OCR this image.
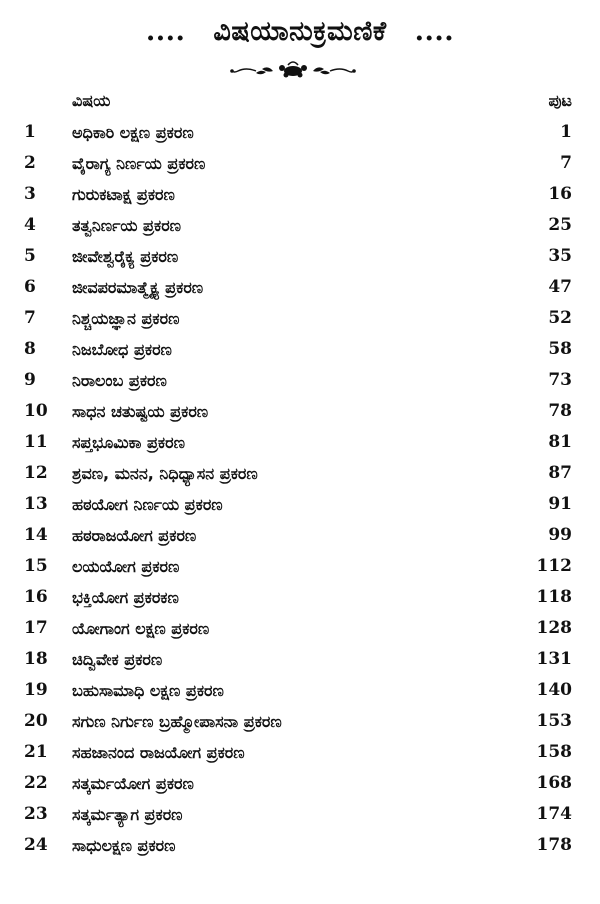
.... ವಿಷಯಾನುಕ್ರಮಣಿಕೆ ....
ವಿಷಯ	ಪುಟ
1	ಅಧಿಕಾರಿ ಲಕ್ಷಣ ಪ್ರಕರಣ	1
2	ವೈರಾಗ್ಯ ನಿರ್ಣಯ ಪ್ರಕರಣ	7
3	ಗುರುಕಟಾಕ್ಷ ಪ್ರಕರಣ	16
4	ತತ್ವನಿರ್ಣಯ ಪ್ರಕರಣ	25
5	ಜೀವೇಶ್ವರೈಕ್ಯ ಪ್ರಕರಣ	35
6	ಜೀವಪರಮಾತ್ಮೈಕ್ಯ ಪ್ರಕರಣ	47
7	ನಿಶ್ಚಯಜ್ಞಾನ ಪ್ರಕರಣ	52
8	ನಿಜಬೋಧ ಪ್ರಕರಣ	58
9	ನಿರಾಲಂಬ ಪ್ರಕರಣ	73
10	ಸಾಧನ ಚತುಷ್ಟಯ ಪ್ರಕರಣ	78
11	ಸಪ್ತಭೂಮಿಕಾ ಪ್ರಕರಣ	81
12	ಶ್ರವಣ, ಮನನ, ನಿಧಿಧ್ಯಾಸನ ಪ್ರಕರಣ	87
13	ಹಠಯೋಗ ನಿರ್ಣಯ ಪ್ರಕರಣ	91
14	ಹಠರಾಜಯೋಗ ಪ್ರಕರಣ	99
15	ಲಯಯೋಗ ಪ್ರಕರಣ	112
16	ಭಕ್ತಿಯೋಗ ಪ್ರಕರಕಣ	118
17	ಯೋಗಾಂಗ ಲಕ್ಷಣ ಪ್ರಕರಣ	128
18	ಚಿದ್ವಿವೇಕ ಪ್ರಕರಣ	131
19	ಬಹುಸಾಮಾಧಿ ಲಕ್ಷಣ ಪ್ರಕರಣ	140
20	ಸಗುಣ ನಿರ್ಗುಣ ಬ್ರಹ್ಮೋಪಾಸನಾ ಪ್ರಕರಣ	153
21	ಸಹಜಾನಂದ ರಾಜಯೋಗ ಪ್ರಕರಣ	158
22	ಸತ್ಕರ್ಮಯೋಗ ಪ್ರಕರಣ	168
23	ಸತ್ಕರ್ಮತ್ಯಾಗ ಪ್ರಕರಣ	174
24	ಸಾಧುಲಕ್ಷಣ ಪ್ರಕರಣ	178
